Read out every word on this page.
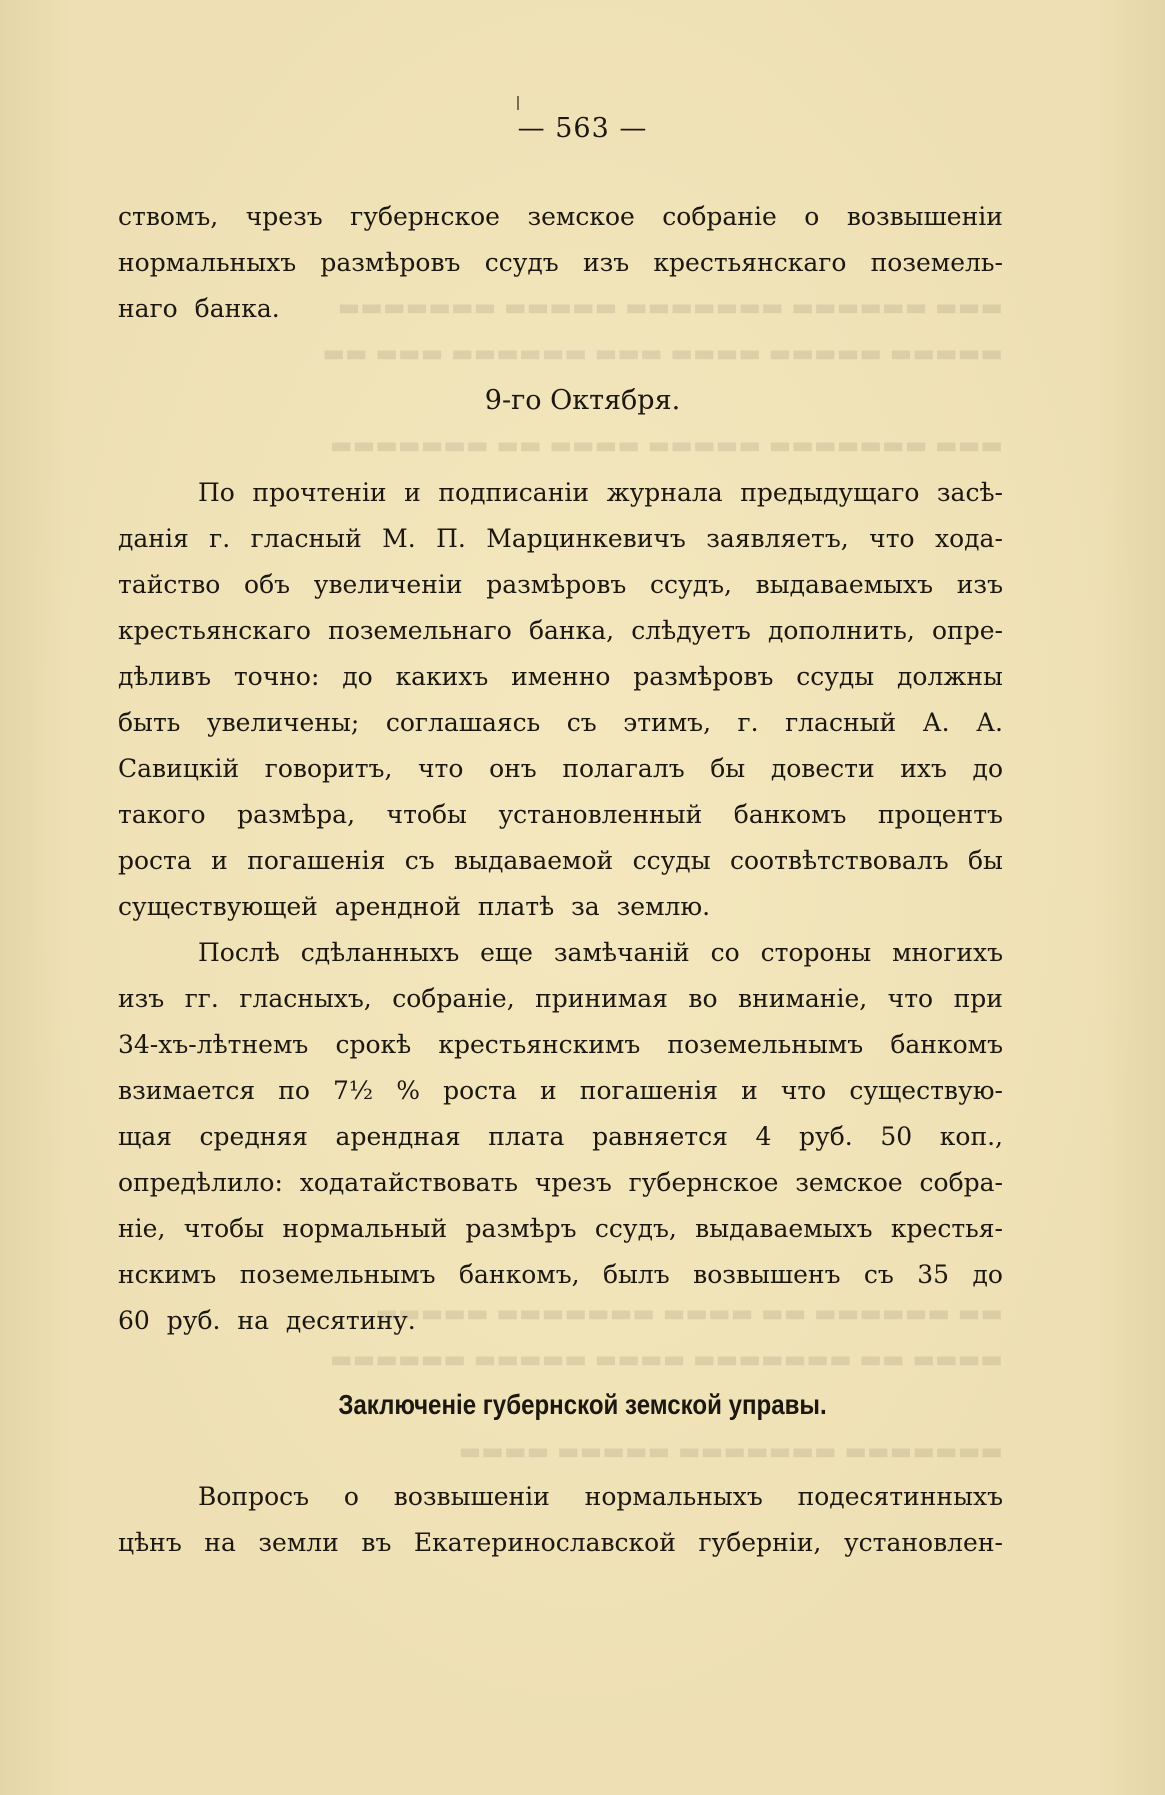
— 563 —
▬▬▬ ▬▬▬▬▬▬ ▬▬▬▬▬▬▬ ▬▬▬▬▬ ▬▬▬▬▬▬▬
▬▬▬▬▬ ▬▬▬▬▬ ▬▬▬▬ ▬▬▬ ▬▬▬▬▬▬ ▬▬▬ ▬▬
▬▬▬ ▬▬▬▬▬▬▬ ▬▬▬▬▬ ▬▬▬▬ ▬▬ ▬▬▬▬▬▬▬
▬▬ ▬▬▬▬▬▬ ▬▬ ▬▬▬▬ ▬▬▬▬▬▬▬ ▬▬▬▬▬
▬▬▬▬ ▬▬ ▬▬▬▬▬▬▬ ▬▬▬▬ ▬▬▬▬▬ ▬▬▬▬▬▬
▬▬▬▬▬▬▬ ▬▬▬▬▬▬▬ ▬▬▬▬▬ ▬▬▬▬
ствомъ, чрезъ губернское земское собраніе о возвышеніи
нормальныхъ размѣровъ ссудъ изъ крестьянскаго поземель-
наго банка.
9-го Октября.
По прочтеніи и подписаніи журнала предыдущаго засѣ-
данія г. гласный М. П. Марцинкевичъ заявляетъ, что хода-
тайство объ увеличеніи размѣровъ ссудъ, выдаваемыхъ изъ
крестьянскаго поземельнаго банка, слѣдуетъ дополнить, опре-
дѣливъ точно: до какихъ именно размѣровъ ссуды должны
быть увеличены; соглашаясь съ этимъ, г. гласный А. А.
Савицкій говоритъ, что онъ полагалъ бы довести ихъ до
такого размѣра, чтобы установленный банкомъ процентъ
роста и погашенія съ выдаваемой ссуды соотвѣтствовалъ бы
существующей арендной платѣ за землю.
Послѣ сдѣланныхъ еще замѣчаній со стороны многихъ
изъ гг. гласныхъ, собраніе, принимая во вниманіе, что при
34-хъ-лѣтнемъ срокѣ крестьянскимъ поземельнымъ банкомъ
взимается по 7½ % роста и погашенія и что существую-
щая средняя арендная плата равняется 4 руб. 50 коп.,
опредѣлило: ходатайствовать чрезъ губернское земское собра-
ніе, чтобы нормальный размѣръ ссудъ, выдаваемыхъ крестья-
нскимъ поземельнымъ банкомъ, былъ возвышенъ съ 35 до
60 руб. на десятину.
Заключеніе губернской земской управы.
Вопросъ о возвышеніи нормальныхъ подесятинныхъ
цѣнъ на земли въ Екатеринославской губерніи, установлен-
